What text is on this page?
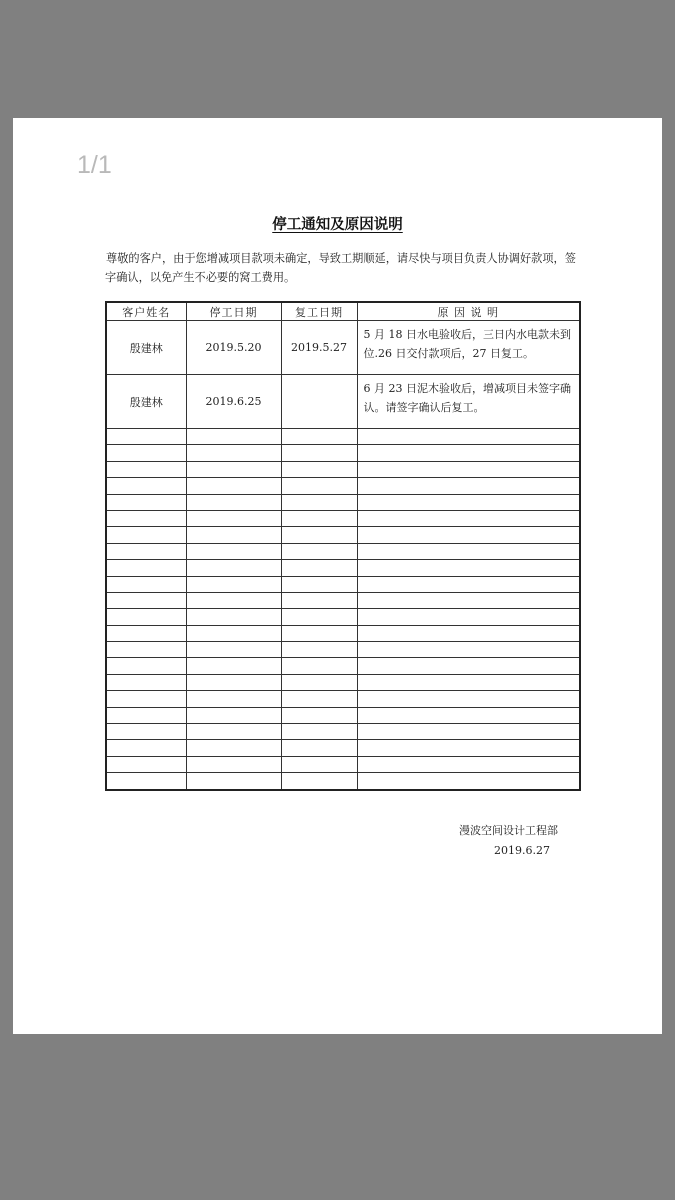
1/1
停工通知及原因说明
尊敬的客户，由于您增减项目款项未确定，导致工期顺延，请尽快与项目负责人协调好款项，签字确认，以免产生不必要的窝工费用。
客户姓名	停工日期	复工日期	原 因 说 明
殷建林	2019.5.20	2019.5.27	5 月 18 日水电验收后，三日内水电款未到位.26 日交付款项后，27 日复工。
殷建林	2019.6.25		6 月 23 日泥木验收后，增减项目未签字确认。请签字确认后复工。

漫波空间设计工程部
2019.6.27
